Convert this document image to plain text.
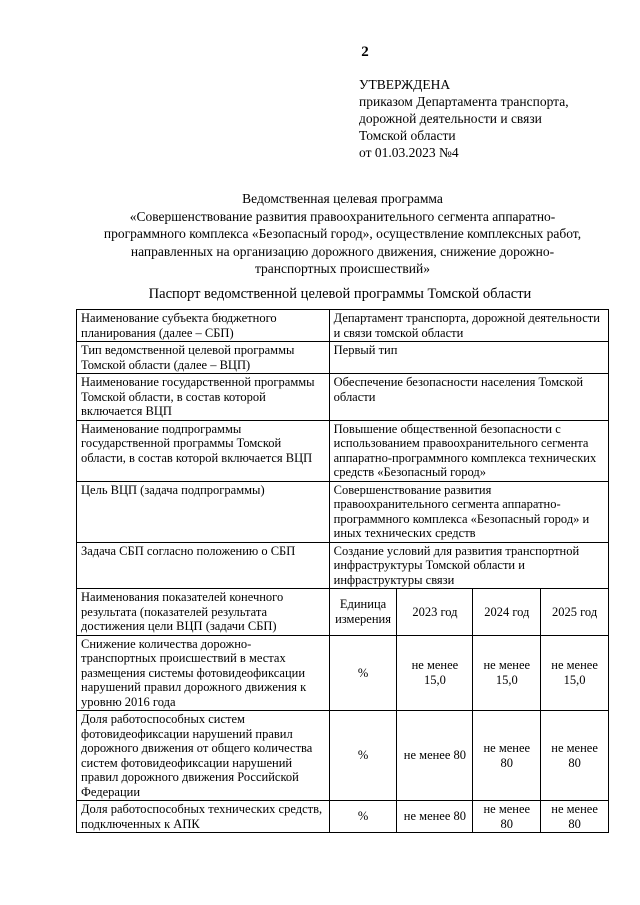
2
УТВЕРЖДЕНА
приказом Департамента транспорта,
дорожной деятельности и связи
Томской области
от 01.03.2023 №4
Ведомственная целевая программа
«Совершенствование развития правоохранительного сегмента аппаратно-
программного комплекса «Безопасный город», осуществление комплексных работ,
направленных на организацию дорожного движения, снижение дорожно-
транспортных происшествий»
Паспорт ведомственной целевой программы Томской области
Наименование субъекта бюджетного планирования (далее – СБП)	Департамент транспорта, дорожной деятельности и связи томской области			
Тип ведомственной целевой программы Томской области (далее – ВЦП)	Первый тип			
Наименование государственной программы Томской области, в состав которой включается ВЦП	Обеспечение безопасности населения Томской области			
Наименование подпрограммы государственной программы Томской области, в состав которой включается ВЦП	Повышение общественной безопасности с использованием правоохранительного сегмента аппаратно-программного комплекса технических средств «Безопасный город»			
Цель ВЦП (задача подпрограммы)	Совершенствование развития правоохранительного сегмента аппаратно-программного комплекса «Безопасный город» и иных технических средств			
Задача СБП согласно положению о СБП	Создание условий для развития транспортной инфраструктуры Томской области и инфраструктуры связи			
Наименования показателей конечного результата (показателей результата достижения цели ВЦП (задачи СБП)	Единица измерения	2023 год	2024 год	2025 год
Снижение количества дорожно-транспортных происшествий в местах размещения системы фотовидеофиксации нарушений правил дорожного движения к уровню 2016 года	%	не менее 15,0	не менее 15,0	не менее 15,0
Доля работоспособных систем фотовидеофиксации нарушений правил дорожного движения от общего количества систем фотовидеофиксации нарушений правил дорожного движения Российской Федерации	%	не менее 80	не менее 80	не менее 80
Доля работоспособных технических средств, подключенных к АПК	%	не менее 80	не менее 80	не менее 80
